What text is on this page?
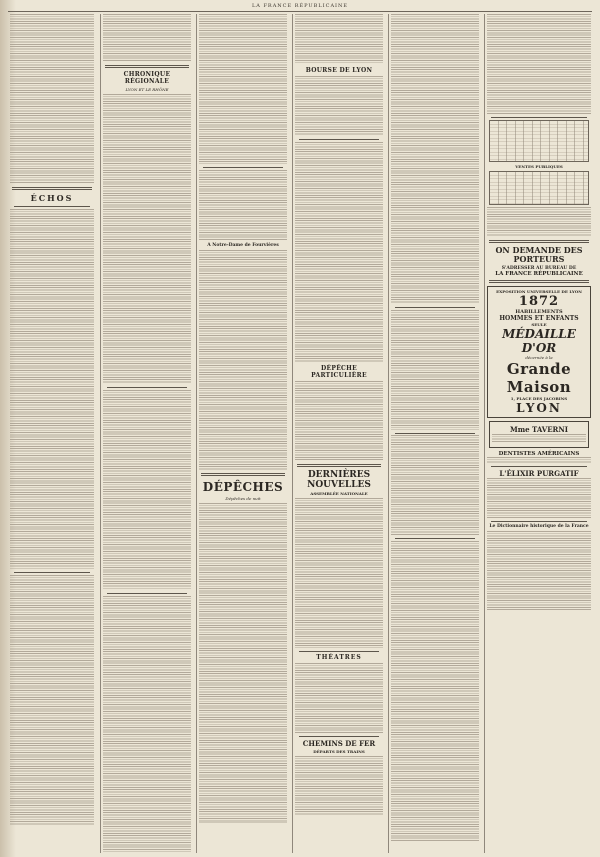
LA FRANCE RÉPUBLICAINE
ÉCHOS
CHRONIQUE RÉGIONALE
LYON ET LE RHÔNE
A Notre-Dame de Fourvières
DÉPÊCHES
Dépêches de nuit
BOURSE DE LYON
DÉPÊCHE PARTICULIÈRE
DERNIÈRES NOUVELLES
ASSEMBLÉE NATIONALE
THÉATRES
CHEMINS DE FER
DÉPARTS DES TRAINS
VENTES PUBLIQUES
ON DEMANDE DES PORTEURS
S'ADRESSER AU BUREAU DE
LA FRANCE RÉPUBLICAINE
EXPOSITION UNIVERSELLE DE LYON
1872
HABILLEMENTS
HOMMES ET ENFANTS
SEULE
MÉDAILLE D'OR
décernée à la
Grande Maison
1, PLACE DES JACOBINS
LYON
Mme TAVERNI
DENTISTES AMÉRICAINS
L'ÉLIXIR PURGATIF
Le Dictionnaire historique de la France
